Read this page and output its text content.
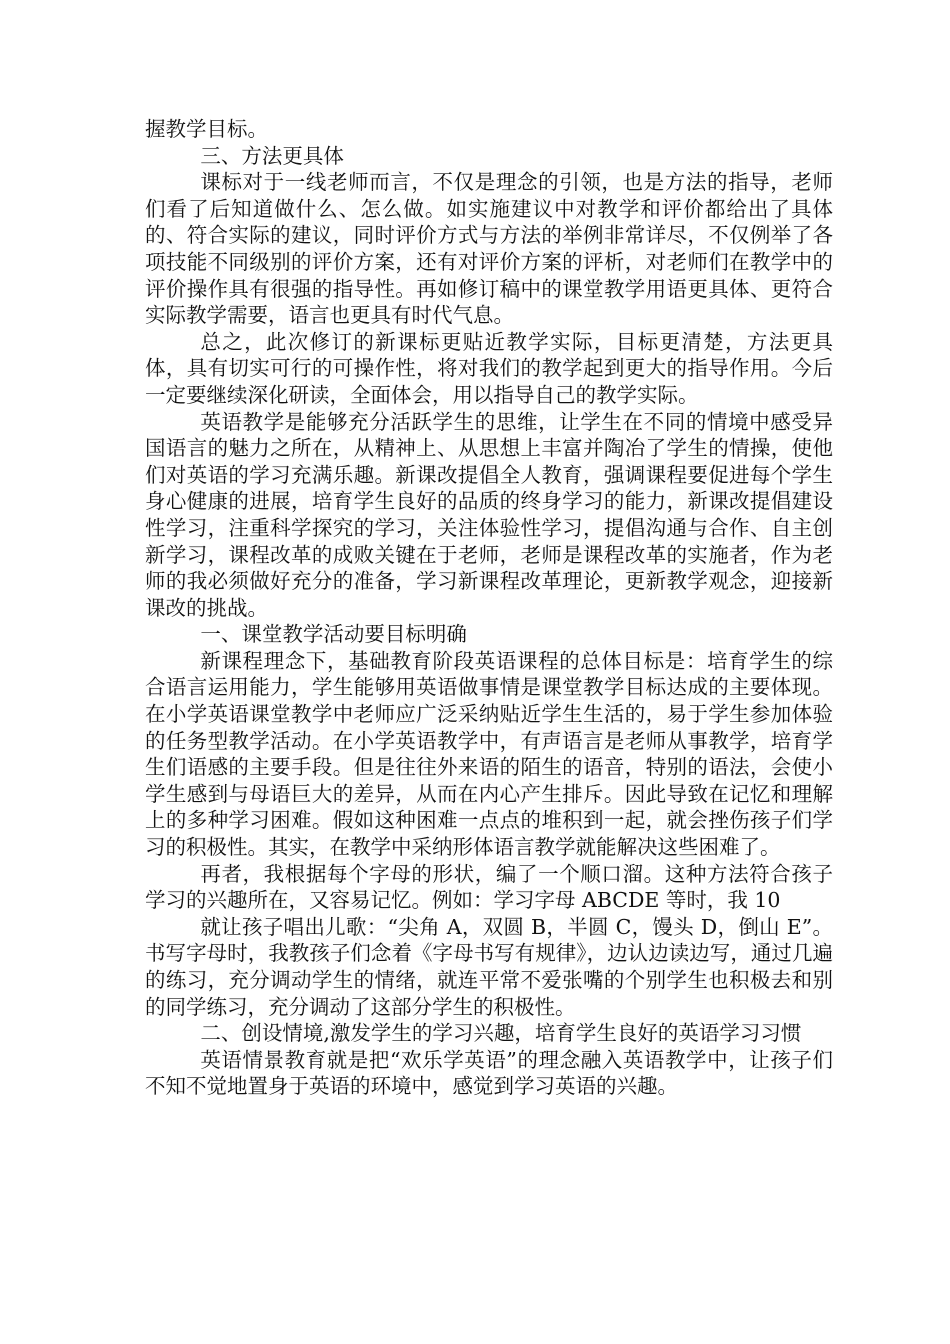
握教学目标。

三、方法更具体

课标对于一线老师而言，不仅是理念的引领，也是方法的指导，老师们看了后知道做什么、怎么做。如实施建议中对教学和评价都给出了具体的、符合实际的建议，同时评价方式与方法的举例非常详尽，不仅例举了各项技能不同级别的评价方案，还有对评价方案的评析，对老师们在教学中的评价操作具有很强的指导性。再如修订稿中的课堂教学用语更具体、更符合实际教学需要，语言也更具有时代气息。

总之，此次修订的新课标更贴近教学实际，目标更清楚，方法更具体，具有切实可行的可操作性，将对我们的教学起到更大的指导作用。今后一定要继续深化研读，全面体会，用以指导自己的教学实际。

英语教学是能够充分活跃学生的思维，让学生在不同的情境中感受异国语言的魅力之所在，从精神上、从思想上丰富并陶冶了学生的情操，使他们对英语的学习充满乐趣。新课改提倡全人教育，强调课程要促进每个学生身心健康的进展，培育学生良好的品质的终身学习的能力，新课改提倡建设性学习，注重科学探究的学习，关注体验性学习，提倡沟通与合作、自主创新学习，课程改革的成败关键在于老师，老师是课程改革的实施者，作为老师的我必须做好充分的准备，学习新课程改革理论，更新教学观念，迎接新课改的挑战。

一、课堂教学活动要目标明确

新课程理念下，基础教育阶段英语课程的总体目标是：培育学生的综合语言运用能力，学生能够用英语做事情是课堂教学目标达成的主要体现。在小学英语课堂教学中老师应广泛采纳贴近学生生活的，易于学生参加体验的任务型教学活动。在小学英语教学中，有声语言是老师从事教学，培育学生们语感的主要手段。但是往往外来语的陌生的语音，特别的语法，会使小学生感到与母语巨大的差异，从而在内心产生排斥。因此导致在记忆和理解上的多种学习困难。假如这种困难一点点的堆积到一起，就会挫伤孩子们学习的积极性。其实，在教学中采纳形体语言教学就能解决这些困难了。

再者，我根据每个字母的形状，编了一个顺口溜。这种方法符合孩子学习的兴趣所在，又容易记忆。例如：学习字母 ABCDE 等时，我 10

就让孩子唱出儿歌：“尖角 A，双圆 B，半圆 C，馒头 D，倒山 E”。书写字母时，我教孩子们念着《字母书写有规律》，边认边读边写，通过几遍的练习，充分调动学生的情绪，就连平常不爱张嘴的个别学生也积极去和别的同学练习，充分调动了这部分学生的积极性。

二、创设情境,激发学生的学习兴趣，培育学生良好的英语学习习惯

英语情景教育就是把“欢乐学英语”的理念融入英语教学中，让孩子们不知不觉地置身于英语的环境中，感觉到学习英语的兴趣。
